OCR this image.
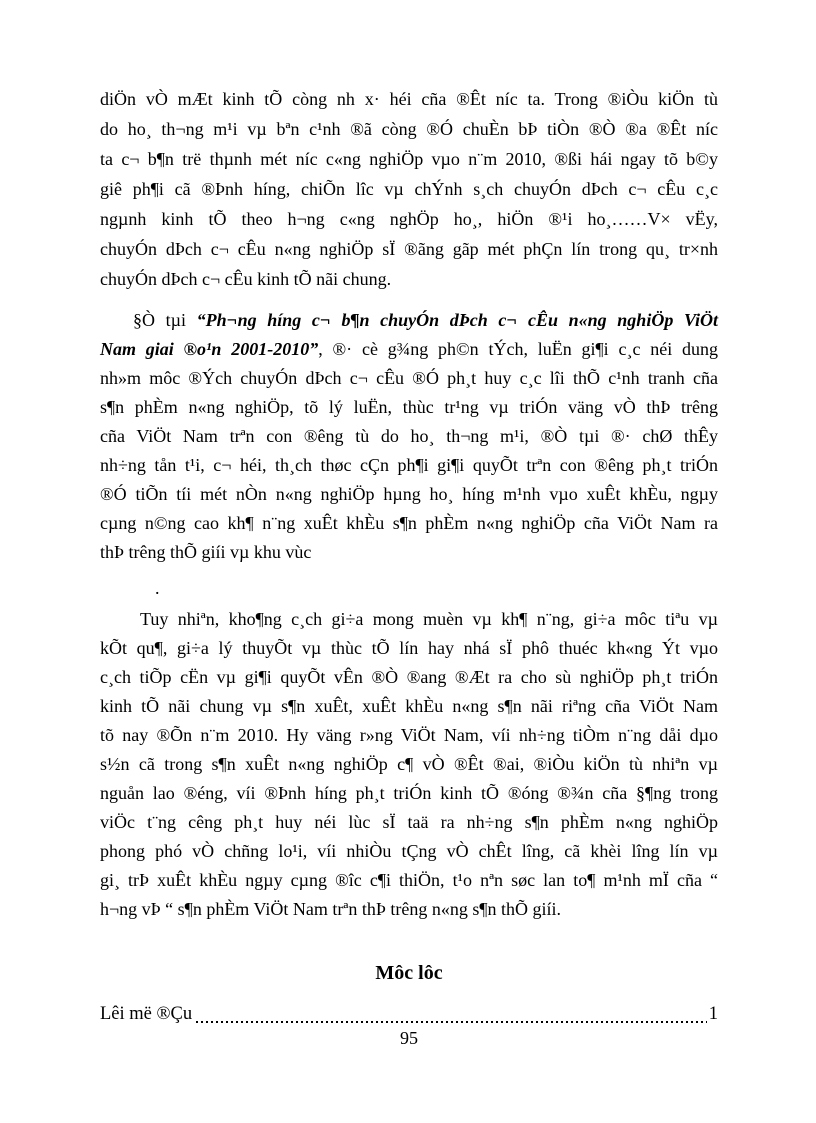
diÖn vÒ mÆt kinh tÕ còng nh x· héi cña ®Êt níc ta. Trong ®iÒu kiÖn tù
do ho¸ th¬ng m¹i vµ bªn c¹nh ®ã còng ®Ó chuÈn bÞ tiÒn ®Ò ®a ®Êt níc
ta c¬ b¶n trë thµnh mét níc c«ng nghiÖp vµo n¨m 2010, ®ßi hái ngay tõ b©y
giê ph¶i cã ®Þnh híng, chiÕn lîc vµ chÝnh s¸ch chuyÓn dÞch c¬ cÊu c¸c
ngµnh kinh tÕ theo h¬ng c«ng nghÖp ho¸, hiÖn ®¹i ho¸……V× vËy,
chuyÓn dÞch c¬ cÊu n«ng nghiÖp sÏ ®ãng gãp mét phÇn lín trong qu¸ tr×nh
chuyÓn dÞch c¬ cÊu kinh tÕ nãi chung.
§Ò tµi “Ph¬ng híng c¬ b¶n chuyÓn dÞch c¬ cÊu n«ng nghiÖp ViÖt
Nam giai ®o¹n 2001-2010”, ®· cè g¾ng ph©n tÝch, luËn gi¶i c¸c néi dung
nh»m môc ®Ých chuyÓn dÞch c¬ cÊu ®Ó ph¸t huy c¸c lîi thÕ c¹nh tranh cña
s¶n phÈm n«ng nghiÖp, tõ lý luËn, thùc tr¹ng vµ triÓn väng vÒ thÞ trêng
cña ViÖt Nam trªn con ®êng tù do ho¸ th¬ng m¹i, ®Ò tµi ®· chØ thÊy
nh÷ng tån t¹i, c¬ héi, th¸ch thøc cÇn ph¶i gi¶i quyÕt trªn con ®êng ph¸t triÓn
®Ó tiÕn tíi mét nÒn n«ng nghiÖp hµng ho¸ híng m¹nh vµo xuÊt khÈu, ngµy
cµng n©ng cao kh¶ n¨ng xuÊt khÈu s¶n phÈm n«ng nghiÖp cña ViÖt Nam ra
thÞ trêng thÕ giíi vµ khu vùc
.
Tuy nhiªn, kho¶ng c¸ch gi÷a mong muèn vµ kh¶ n¨ng, gi÷a môc tiªu vµ
kÕt qu¶, gi÷a lý thuyÕt vµ thùc tÕ lín hay nhá sÏ phô thuéc kh«ng Ýt vµo
c¸ch tiÕp cËn vµ gi¶i quyÕt vÊn ®Ò ®ang ®Æt ra cho sù nghiÖp ph¸t triÓn
kinh tÕ nãi chung vµ s¶n xuÊt, xuÊt khÈu n«ng s¶n nãi riªng cña ViÖt Nam
tõ nay ®Õn n¨m 2010. Hy väng r»ng ViÖt Nam, víi nh÷ng tiÒm n¨ng dåi dµo
s½n cã trong s¶n xuÊt n«ng nghiÖp c¶ vÒ ®Êt ®ai, ®iÒu kiÖn tù nhiªn vµ
nguån lao ®éng, víi ®Þnh híng ph¸t triÓn kinh tÕ ®óng ®¾n cña §¶ng trong
viÖc t¨ng cêng ph¸t huy néi lùc sÏ taä ra nh÷ng s¶n phÈm n«ng nghiÖp
phong phó vÒ chñng lo¹i, víi nhiÒu tÇng vÒ chÊt lîng, cã khèi lîng lín vµ
gi¸ trÞ xuÊt khÈu ngµy cµng ®îc c¶i thiÖn, t¹o nªn søc lan to¶ m¹nh mÏ cña “
h¬ng vÞ “ s¶n phÈm ViÖt Nam trªn thÞ trêng n«ng s¶n thÕ giíi.
Môc lôc
Lêi më ®Çu	1
95
